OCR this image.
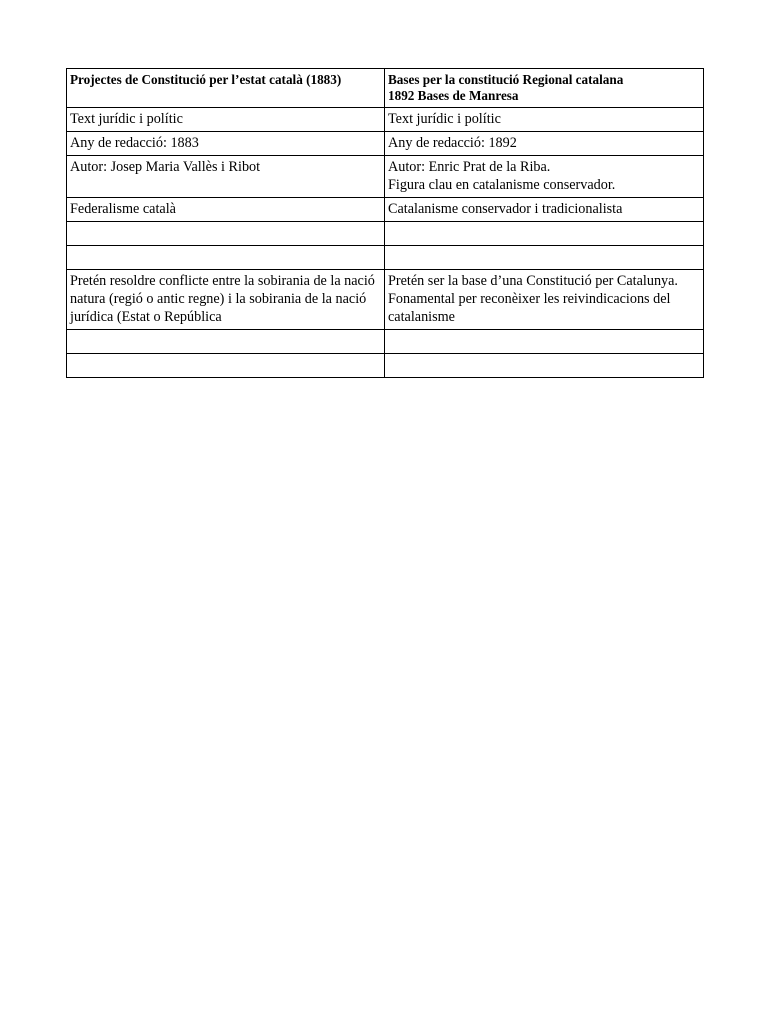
Projectes de Constitució per l’estat català (1883)	Bases per la constitució Regional catalana
1892 Bases de Manresa
Text jurídic i polític	Text jurídic i polític
Any de redacció: 1883	Any de redacció: 1892
Autor: Josep Maria Vallès i Ribot	Autor: Enric Prat de la Riba.
Figura clau en catalanisme conservador.
Federalisme català	Catalanisme conservador i tradicionalista

Pretén resoldre conflicte entre la sobirania de la nació natura (regió o antic regne) i la sobirania de la nació jurídica (Estat o República	Pretén ser la base d’una Constitució per Catalunya. Fonamental per reconèixer les reivindicacions del catalanisme
